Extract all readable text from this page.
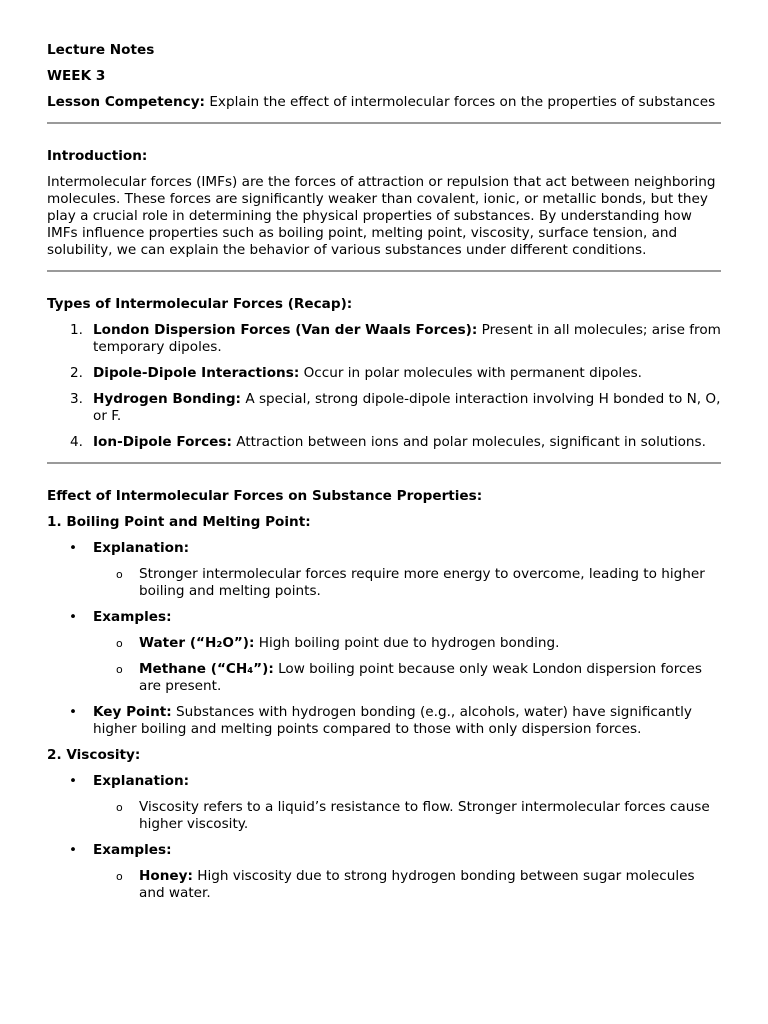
Lecture Notes

WEEK 3

Lesson Competency: Explain the effect of intermolecular forces on the properties of substances

Introduction:

Intermolecular forces (IMFs) are the forces of attraction or repulsion that act between neighboring molecules. These forces are significantly weaker than covalent, ionic, or metallic bonds, but they play a crucial role in determining the physical properties of substances. By understanding how IMFs influence properties such as boiling point, melting point, viscosity, surface tension, and solubility, we can explain the behavior of various substances under different conditions.

Types of Intermolecular Forces (Recap):

1. London Dispersion Forces (Van der Waals Forces): Present in all molecules; arise from temporary dipoles.
2. Dipole-Dipole Interactions: Occur in polar molecules with permanent dipoles.
3. Hydrogen Bonding: A special, strong dipole-dipole interaction involving H bonded to N, O, or F.
4. Ion-Dipole Forces: Attraction between ions and polar molecules, significant in solutions.

Effect of Intermolecular Forces on Substance Properties:

1. Boiling Point and Melting Point:

• Explanation:
o Stronger intermolecular forces require more energy to overcome, leading to higher boiling and melting points.
• Examples:
o Water (“H₂O”): High boiling point due to hydrogen bonding.
o Methane (“CH₄”): Low boiling point because only weak London dispersion forces are present.
• Key Point: Substances with hydrogen bonding (e.g., alcohols, water) have significantly higher boiling and melting points compared to those with only dispersion forces.

2. Viscosity:

• Explanation:
o Viscosity refers to a liquid’s resistance to flow. Stronger intermolecular forces cause higher viscosity.
• Examples:
o Honey: High viscosity due to strong hydrogen bonding between sugar molecules and water.
